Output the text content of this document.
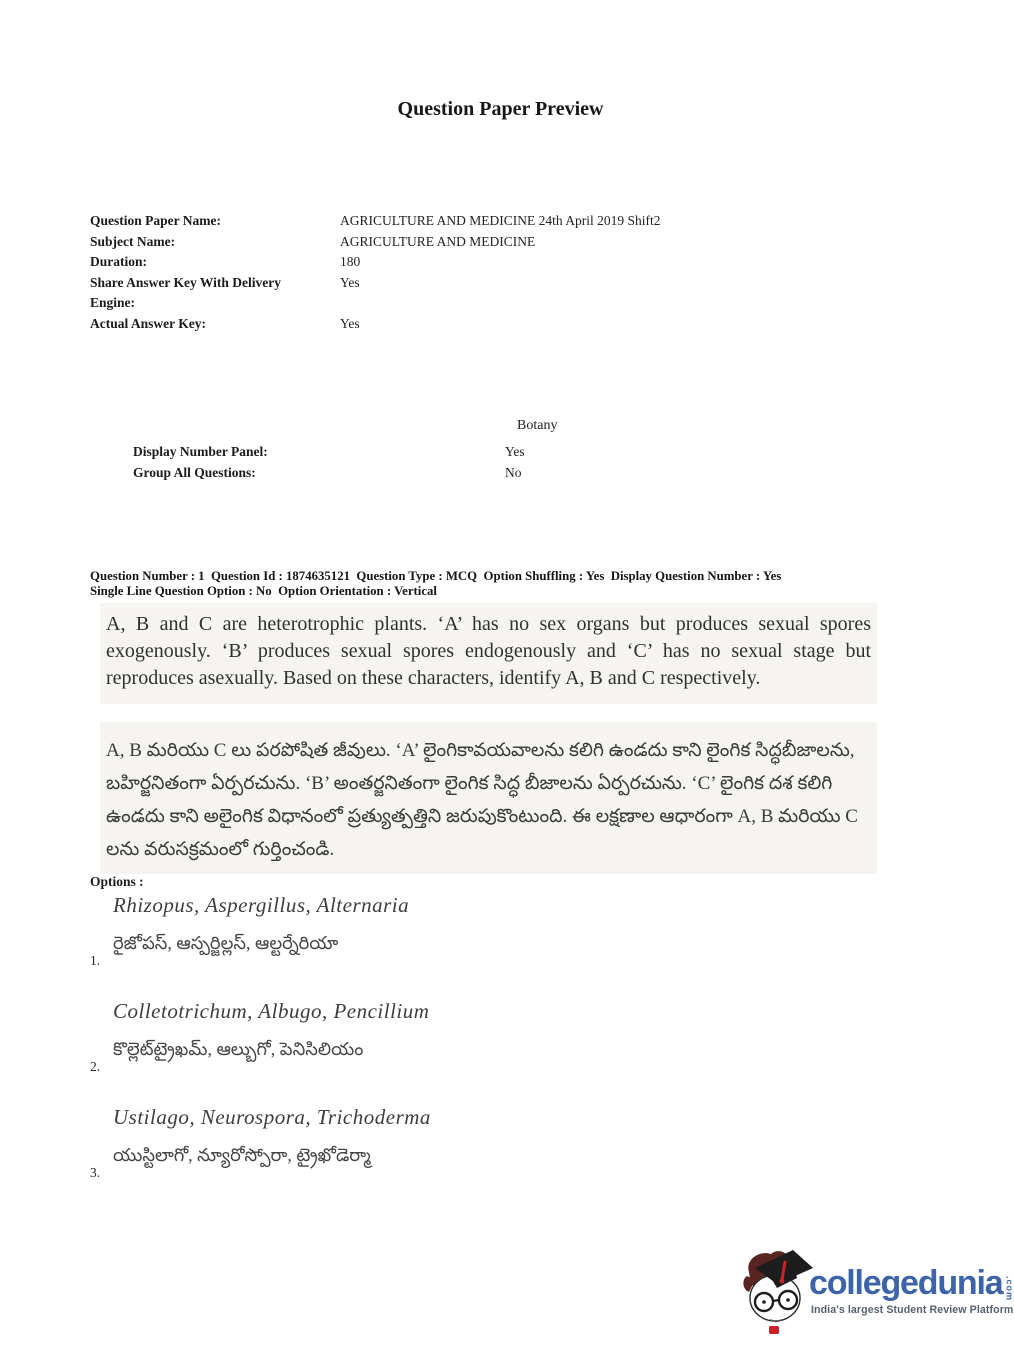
Question Paper Preview
Question Paper Name:	AGRICULTURE AND MEDICINE 24th April 2019 Shift2
Subject Name:	AGRICULTURE AND MEDICINE
Duration:	180
Share Answer Key With Delivery Engine:
Yes
Actual Answer Key:	Yes
Botany
Display Number Panel:	Yes
Group All Questions:	No
Question Number : 1  Question Id : 1874635121  Question Type : MCQ  Option Shuffling : Yes  Display Question Number : Yes
Single Line Question Option : No  Option Orientation : Vertical
A, B and C are heterotrophic plants. ‘A’ has no sex organs but produces sexual spores exogenously. ‘B’ produces sexual spores endogenously and ‘C’ has no sexual stage but reproduces asexually. Based on these characters, identify A, B and C respectively.
A, B మరియు C లు పరపోషిత జీవులు. ‘A’ లైంగికావయవాలను కలిగి ఉండదు కాని లైంగిక సిద్ధబీజాలను, బహిర్జనితంగా ఏర్పరచును. ‘B’ అంతర్జనితంగా లైంగిక సిద్ధ బీజాలను ఏర్పరచును. ‘C’ లైంగిక దశ కలిగి ఉండదు కాని అలైంగిక విధానంలో ప్రత్యుత్పత్తిని జరుపుకొంటుంది. ఈ లక్షణాల ఆధారంగా A, B మరియు C లను వరుసక్రమంలో గుర్తించండి.
Options :
1.
Rhizopus, Aspergillus, Alternaria
రైజోపస్, ఆస్పర్జిల్లస్, ఆల్టర్నేరియా
2.
Colletotrichum, Albugo, Pencillium
కొల్లెట్‌ట్రైఖమ్, ఆల్బుగో, పెనిసిలియం
3.
Ustilago, Neurospora, Trichoderma
యుస్టిలాగో, న్యూరోస్పోరా, ట్రైఖోడెర్మా
collegedunia .com
India's largest Student Review Platform
